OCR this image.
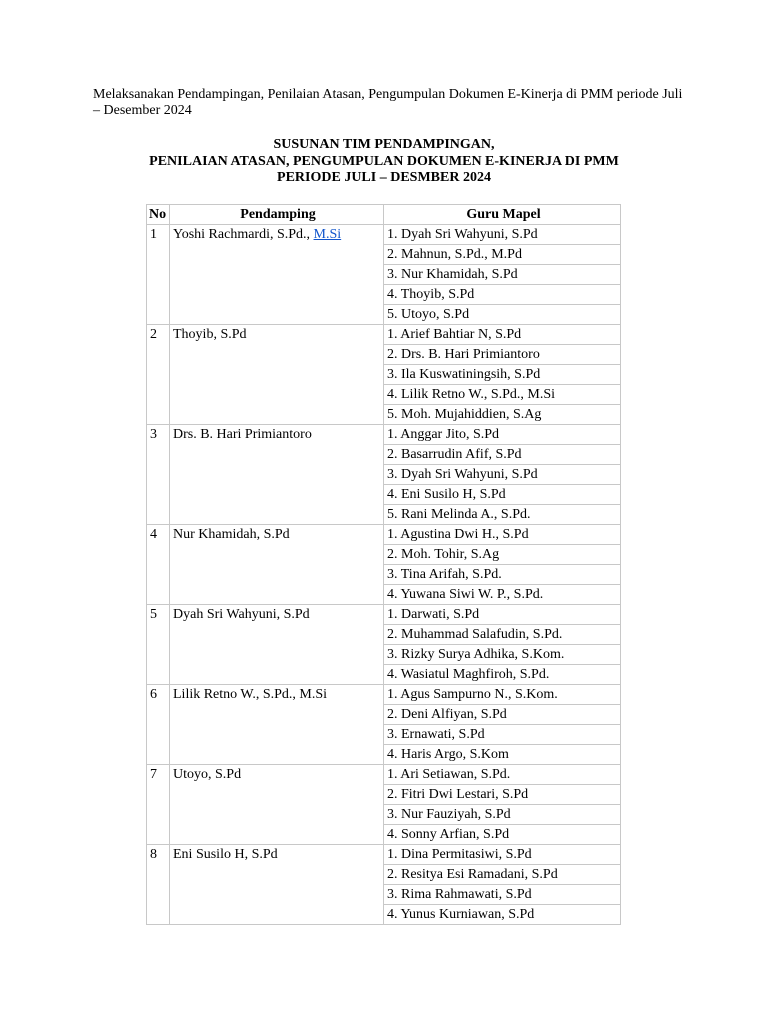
Melaksanakan Pendampingan, Penilaian Atasan, Pengumpulan Dokumen E-Kinerja di PMM periode Juli – Desember 2024
SUSUNAN TIM PENDAMPINGAN,
PENILAIAN ATASAN, PENGUMPULAN DOKUMEN E-KINERJA DI PMM
PERIODE JULI – DESMBER 2024
No	Pendamping	Guru Mapel
1	Yoshi Rachmardi, S.Pd., M.Si	1. Dyah Sri Wahyuni, S.Pd
		2. Mahnun, S.Pd., M.Pd
		3. Nur Khamidah, S.Pd
		4. Thoyib, S.Pd
		5. Utoyo, S.Pd
2	Thoyib, S.Pd	1. Arief Bahtiar N, S.Pd
		2. Drs. B. Hari Primiantoro
		3. Ila Kuswatiningsih, S.Pd
		4. Lilik Retno W., S.Pd., M.Si
		5. Moh. Mujahiddien, S.Ag
3	Drs. B. Hari Primiantoro	1. Anggar Jito, S.Pd
		2. Basarrudin Afif, S.Pd
		3. Dyah Sri Wahyuni, S.Pd
		4. Eni Susilo H, S.Pd
		5. Rani Melinda A., S.Pd.
4	Nur Khamidah, S.Pd	1. Agustina Dwi H., S.Pd
		2. Moh. Tohir, S.Ag
		3. Tina Arifah, S.Pd.
		4. Yuwana Siwi W. P., S.Pd.
5	Dyah Sri Wahyuni, S.Pd	1. Darwati, S.Pd
		2. Muhammad Salafudin, S.Pd.
		3. Rizky Surya Adhika, S.Kom.
		4. Wasiatul Maghfiroh, S.Pd.
6	Lilik Retno W., S.Pd., M.Si	1. Agus Sampurno N., S.Kom.
		2. Deni Alfiyan, S.Pd
		3. Ernawati, S.Pd
		4. Haris Argo, S.Kom
7	Utoyo, S.Pd	1. Ari Setiawan, S.Pd.
		2. Fitri Dwi Lestari, S.Pd
		3. Nur Fauziyah, S.Pd
		4. Sonny Arfian, S.Pd
8	Eni Susilo H, S.Pd	1. Dina Permitasiwi, S.Pd
		2. Resitya Esi Ramadani, S.Pd
		3. Rima Rahmawati, S.Pd
		4. Yunus Kurniawan, S.Pd
